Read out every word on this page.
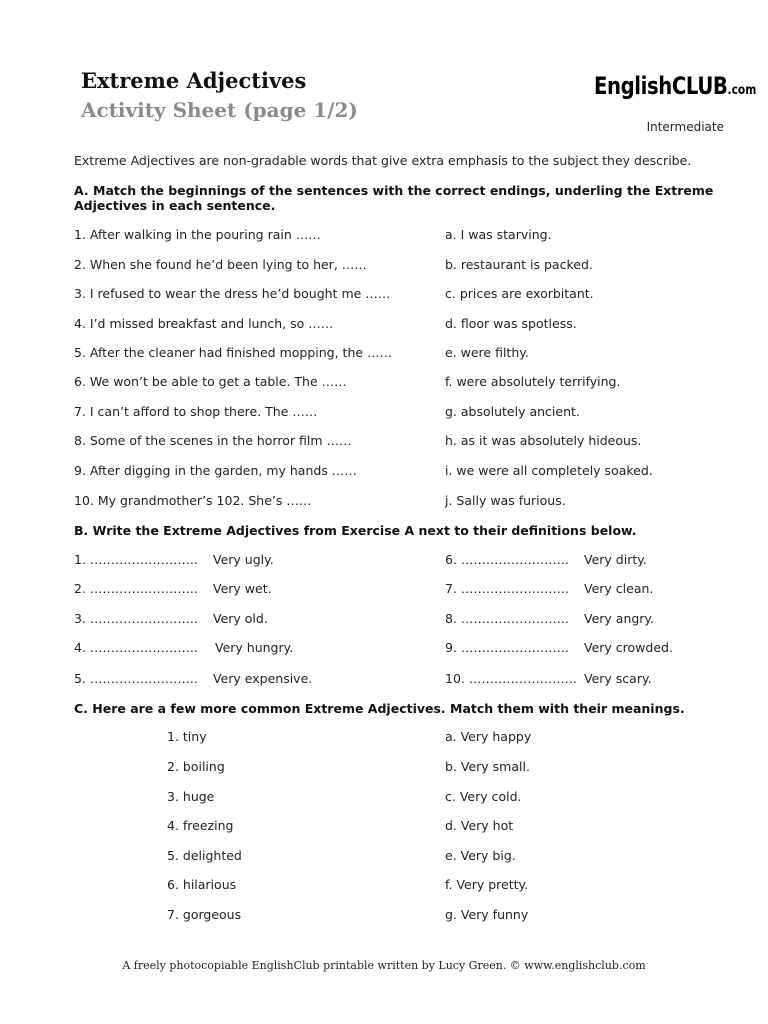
Extreme Adjectives
Activity Sheet (page 1/2)
EnglishCLUB.com
Intermediate
Extreme Adjectives are non-gradable words that give extra emphasis to the subject they describe.
A. Match the beginnings of the sentences with the correct endings, underling the Extreme Adjectives in each sentence.
1. After walking in the pouring rain ……
2. When she found he’d been lying to her, ……
3. I refused to wear the dress he’d bought me ……
4. I’d missed breakfast and lunch, so ……
5. After the cleaner had finished mopping, the ……
6. We won’t be able to get a table. The ……
7. I can’t afford to shop there. The ……
8. Some of the scenes in the horror film ……
9. After digging in the garden, my hands ……
10. My grandmother’s 102. She’s ……
a. I was starving.
b. restaurant is packed.
c. prices are exorbitant.
d. floor was spotless.
e. were filthy.
f. were absolutely terrifying.
g. absolutely ancient.
h. as it was absolutely hideous.
i. we were all completely soaked.
j. Sally was furious.
B. Write the Extreme Adjectives from Exercise A next to their definitions below.
1. …………………….. Very ugly.
2. …………………….. Very wet.
3. …………………….. Very old.
4. …………………….. Very hungry.
5. …………………….. Very expensive.
6. …………………….. Very dirty.
7. …………………….. Very clean.
8. …………………….. Very angry.
9. …………………….. Very crowded.
10. …………………….. Very scary.
C. Here are a few more common Extreme Adjectives. Match them with their meanings.
1. tiny
2. boiling
3. huge
4. freezing
5. delighted
6. hilarious
7. gorgeous
a. Very happy
b. Very small.
c. Very cold.
d. Very hot
e. Very big.
f. Very pretty.
g. Very funny
A freely photocopiable EnglishClub printable written by Lucy Green. © www.englishclub.com
